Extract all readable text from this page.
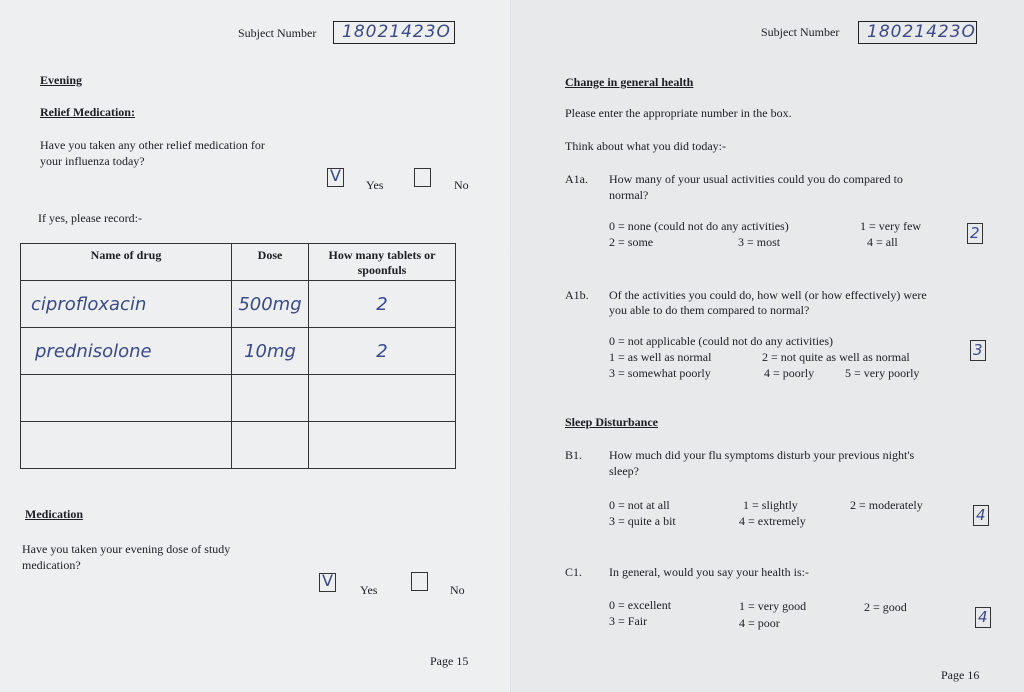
Subject Number 18021423O
Evening
Relief Medication:
Have you taken any other relief medication for
your influenza today?
V Yes	No
If yes, please record:-
Name of drug	Dose	How many tablets or spoonfuls
ciprofloxacin	500mg	2
prednisolone	10mg	2

Medication
Have you taken your evening dose of study
medication?
V Yes	No
Page 15
Subject Number 18021423O
Change in general health
Please enter the appropriate number in the box.
Think about what you did today:-
A1a. How many of your usual activities could you do compared to
normal?
0 = none (could not do any activities)	1 = very few
2 = some	3 = most	4 = all	2
A1b. Of the activities you could do, how well (or how effectively) were
you able to do them compared to normal?
0 = not applicable (could not do any activities)
1 = as well as normal	2 = not quite as well as normal
3 = somewhat poorly	4 = poorly	5 = very poorly
3
Sleep Disturbance
B1. How much did your flu symptoms disturb your previous night's
sleep?
0 = not at all	1 = slightly	2 = moderately
3 = quite a bit	4 = extremely	4
C1. In general, would you say your health is:-
0 = excellent	1 = very good	2 = good
3 = Fair	4 = poor	4
Page 16
